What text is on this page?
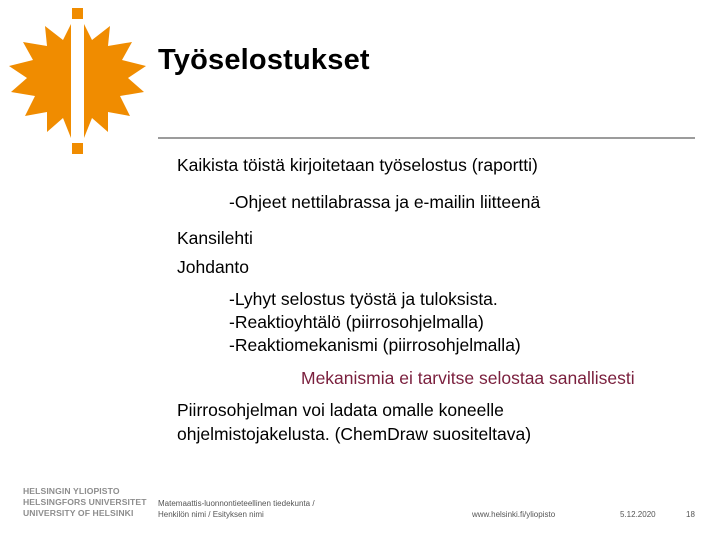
Työselostukset
Kaikista töistä kirjoitetaan työselostus (raportti)
-Ohjeet nettilabrassa ja e-mailin liitteenä
Kansilehti
Johdanto
-Lyhyt selostus työstä ja tuloksista.
-Reaktioyhtälö (piirrosohjelmalla)
-Reaktiomekanismi (piirrosohjelmalla)
Mekanismia ei tarvitse selostaa sanallisesti
Piirrosohjelman voi ladata omalle koneelle
ohjelmistojakelusta. (ChemDraw suositeltava)
HELSINGIN YLIOPISTO
HELSINGFORS UNIVERSITET
UNIVERSITY OF HELSINKI
Matemaattis-luonnontieteellinen tiedekunta /
Henkilön nimi / Esityksen nimi	www.helsinki.fi/yliopisto	5.12.2020	18
